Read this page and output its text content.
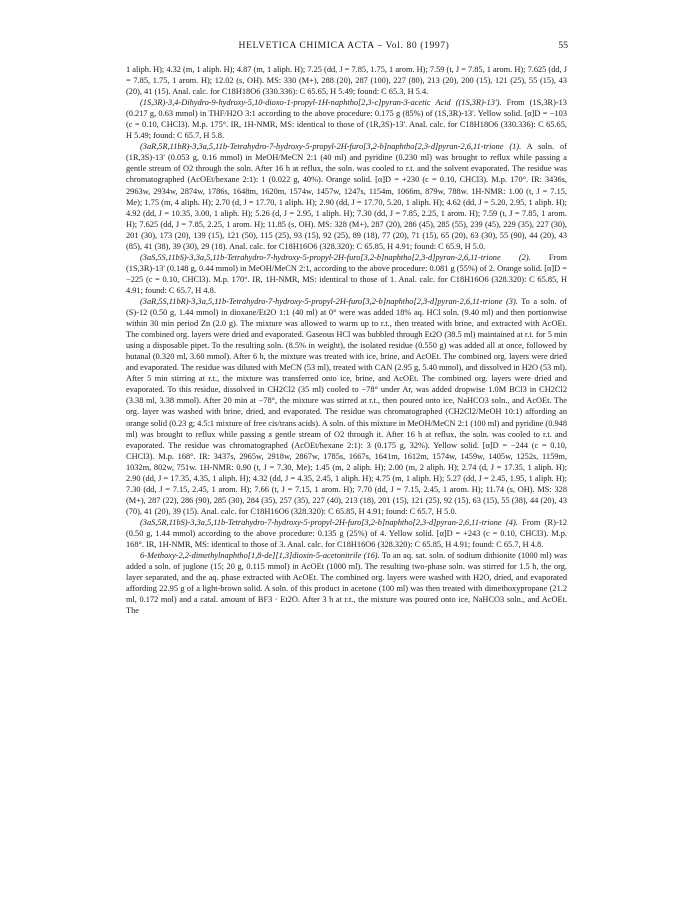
HELVETICA CHIMICA ACTA – Vol. 80 (1997)	55

1 aliph. H); 4.32 (m, 1 aliph. H); 4.87 (m, 1 aliph. H); 7.25 (dd, J = 7.85, 1.75, 1 arom. H); 7.59 (t, J = 7.85, 1 arom. H); 7.625 (dd, J = 7.85, 1.75, 1 arom. H); 12.02 (s, OH). MS: 330 (M+), 288 (20), 287 (100), 227 (80), 213 (20), 200 (15), 121 (25), 55 (15), 43 (20), 41 (15). Anal. calc. for C18H18O6 (330.336): C 65.65, H 5.49; found: C 65.3, H 5.4.

(1S,3R)-3,4-Dihydro-9-hydroxy-5,10-dioxo-1-propyl-1H-naphtho[2,3-c]pyran-3-acetic Acid ((1S,3R)-13'). From (1S,3R)-13 (0.217 g, 0.63 mmol) in THF/H2O 3:1 according to the above procedure: 0.175 g (85%) of (1S,3R)-13'. Yellow solid. [α]D = −103 (c = 0.10, CHCl3). M.p. 175°. IR, 1H-NMR, MS: identical to those of (1R,3S)-13'. Anal. calc. for C18H18O6 (330.336): C 65.65, H 5.49; found: C 65.7, H 5.8.

(3aR,5R,11bR)-3,3a,5,11b-Tetrahydro-7-hydroxy-5-propyl-2H-furo[3,2-b]naphtho[2,3-d]pyran-2,6,11-trione (1). A soln. of (1R,3S)-13' (0.053 g, 0.16 mmol) in MeOH/MeCN 2:1 (40 ml) and pyridine (0.230 ml) was brought to reflux while passing a gentle stream of O2 through the soln. After 16 h at reflux, the soln. was cooled to r.t. and the solvent evaporated. The residue was chromatographed (AcOEt/hexane 2:1): 1 (0.022 g, 40%). Orange solid. [α]D = +230 (c = 0.10, CHCl3). M.p. 170°. IR: 3436s, 2963w, 2934w, 2874w, 1786s, 1648m, 1620m, 1574w, 1457w, 1247s, 1154m, 1066m, 879w, 788w. 1H-NMR: 1.00 (t, J = 7.15, Me); 1.75 (m, 4 aliph. H); 2.70 (d, J = 17.70, 1 aliph. H); 2.90 (dd, J = 17.70, 5.20, 1 aliph. H); 4.62 (dd, J = 5.20, 2.95, 1 aliph. H); 4.92 (dd, J = 10.35, 3.00, 1 aliph. H); 5.26 (d, J = 2.95, 1 aliph. H); 7.30 (dd, J = 7.85, 2.25, 1 arom. H); 7.59 (t, J = 7.85, 1 arom. H); 7.625 (dd, J = 7.85, 2.25, 1 arom. H); 11.85 (s, OH). MS: 328 (M+), 287 (20), 286 (45), 285 (55), 239 (45), 229 (35), 227 (30), 201 (30), 173 (20), 139 (15), 121 (50), 115 (25), 93 (15), 92 (25), 89 (18), 77 (20), 71 (15), 65 (20), 63 (30), 55 (90), 44 (20), 43 (85), 41 (38), 39 (30), 29 (18). Anal. calc. for C18H16O6 (328.320): C 65.85, H 4.91; found: C 65.9, H 5.0.

(3aS,5S,11bS)-3,3a,5,11b-Tetrahydro-7-hydroxy-5-propyl-2H-furo[3,2-b]naphtho[2,3-d]pyran-2,6,11-trione (2). From (1S,3R)-13' (0.148 g, 0.44 mmol) in MeOH/MeCN 2:1, according to the above procedure: 0.081 g (55%) of 2. Orange solid. [α]D = −225 (c = 0.10, CHCl3). M.p. 170°. IR, 1H-NMR, MS: identical to those of 1. Anal. calc. for C18H16O6 (328.320): C 65.85, H 4.91; found: C 65.7, H 4.8.

(3aR,5S,11bR)-3,3a,5,11b-Tetrahydro-7-hydroxy-5-propyl-2H-furo[3,2-b]naphtho[2,3-d]pyran-2,6,11-trione (3). To a soln. of (S)-12 (0.50 g, 1.44 mmol) in dioxane/Et2O 1:1 (40 ml) at 0° were was added 18% aq. HCl soln. (9.40 ml) and then portionwise within 30 min period Zn (2.0 g). The mixture was allowed to warm up to r.t., then treated with brine, and extracted with AcOEt. The combined org. layers were dried and evaporated. Gaseous HCl was bubbled through Et2O (38.5 ml) maintained at r.t. for 5 min using a disposable pipet. To the resulting soln. (8.5% in weight), the isolated residue (0.550 g) was added all at once, followed by butanal (0.320 ml, 3.60 mmol). After 6 h, the mixture was treated with ice, brine, and AcOEt. The combined org. layers were dried and evaporated. The residue was diluted with MeCN (53 ml), treated with CAN (2.95 g, 5.40 mmol), and dissolved in H2O (53 ml). After 5 min stirring at r.t., the mixture was transferred onto ice, brine, and AcOEt. The combined org. layers were dried and evaporated. To this residue, dissolved in CH2Cl2 (35 ml) cooled to −78° under Ar, was added dropwise 1.0M BCl3 in CH2Cl2 (3.38 ml, 3.38 mmol). After 20 min at −78°, the mixture was stirred at r.t., then poured onto ice, NaHCO3 soln., and AcOEt. The org. layer was washed with brine, dried, and evaporated. The residue was chromatographed (CH2Cl2/MeOH 10:1) affording an orange solid (0.23 g; 4.5:1 mixture of free cis/trans acids). A soln. of this mixture in MeOH/MeCN 2:1 (100 ml) and pyridine (0.948 ml) was brought to reflux while passing a gentle stream of O2 through it. After 16 h at reflux, the soln. was cooled to r.t. and evaporated. The residue was chromatographed (AcOEt/hexane 2:1): 3 (0.175 g, 32%). Yellow solid. [α]D = −244 (c = 0.10, CHCl3). M.p. 168°. IR: 3437s, 2965w, 2918w, 2867w, 1785s, 1667s, 1641m, 1612m, 1574w, 1459w, 1405w, 1252s, 1159m, 1032m, 802w, 751w. 1H-NMR: 0.90 (t, J = 7.30, Me); 1.45 (m, 2 aliph. H); 2.00 (m, 2 aliph. H); 2.74 (d, J = 17.35, 1 aliph. H); 2.90 (dd, J = 17.35, 4.35, 1 aliph. H); 4.32 (dd, J = 4.35, 2.45, 1 aliph. H); 4.75 (m, 1 aliph. H); 5.27 (dd, J = 2.45, 1.95, 1 aliph. H); 7.30 (dd, J = 7.15, 2.45, 1 arom. H); 7.66 (t, J = 7.15, 1 arom. H); 7.70 (dd, J = 7.15, 2.45, 1 arom. H); 11.74 (s, OH). MS: 328 (M+), 287 (22), 286 (90), 285 (30), 284 (35), 257 (35), 227 (40), 213 (18), 201 (15), 121 (25), 92 (15), 63 (15), 55 (38), 44 (20), 43 (70), 41 (20), 39 (15). Anal. calc. for C18H16O6 (328.320): C 65.85, H 4.91; found: C 65.7, H 5.0.

(3aS,5R,11bS)-3,3a,5,11b-Tetrahydro-7-hydroxy-5-propyl-2H-furo[3,2-b]naphtho[2,3-d]pyran-2,6,11-trione (4). From (R)-12 (0.50 g, 1.44 mmol) according to the above procedure: 0.135 g (25%) of 4. Yellow solid. [α]D = +243 (c = 0.10, CHCl3). M.p. 168°. IR, 1H-NMR, MS: identical to those of 3. Anal. calc. for C18H16O6 (328.320): C 65.85, H 4.91; found: C 65.7, H 4.8.

6-Methoxy-2,2-dimethylnaphtho[1,8-de][1,3]dioxin-5-acetonitrile (16). To an aq. sat. soln. of sodium dithionite (1000 ml) was added a soln. of juglone (15; 20 g, 0.115 mmol) in AcOEt (1000 ml). The resulting two-phase soln. was stirred for 1.5 h, the org. layer separated, and the aq. phase extracted with AcOEt. The combined org. layers were washed with H2O, dried, and evaporated affording 22.95 g of a light-brown solid. A soln. of this product in acetone (100 ml) was then treated with dimethoxypropane (21.2 ml, 0.172 mol) and a catal. amount of BF3 · Et2O. After 3 h at r.t., the mixture was poured onto ice, NaHCO3 soln., and AcOEt. The
